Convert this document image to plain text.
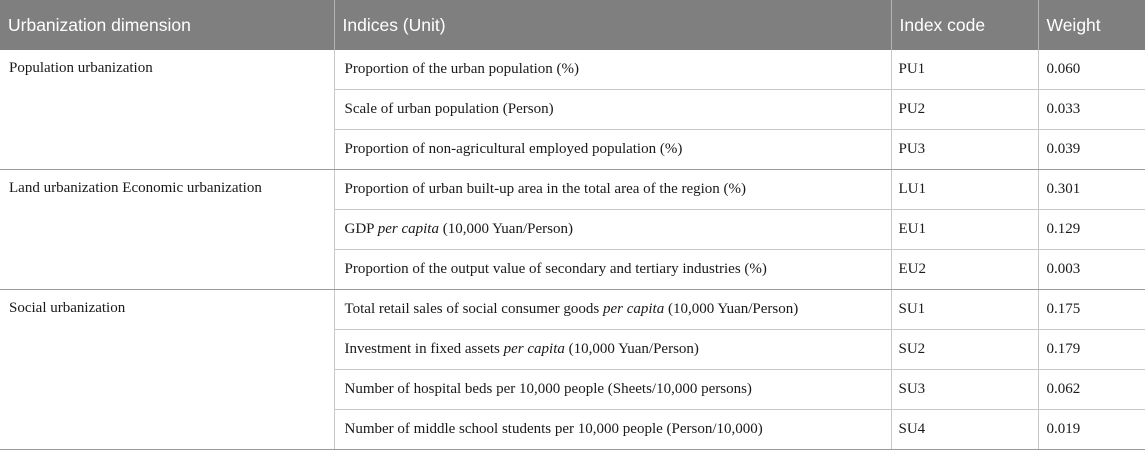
Urbanization dimension	Indices (Unit)	Index code	Weight
Population urbanization	Proportion of the urban population (%)	PU1	0.060
	Scale of urban population (Person)	PU2	0.033
	Proportion of non-agricultural employed population (%)	PU3	0.039
Land urbanization Economic urbanization	Proportion of urban built-up area in the total area of the region (%)	LU1	0.301
	GDP per capita (10,000 Yuan/Person)	EU1	0.129
	Proportion of the output value of secondary and tertiary industries (%)	EU2	0.003
Social urbanization	Total retail sales of social consumer goods per capita (10,000 Yuan/Person)	SU1	0.175
	Investment in fixed assets per capita (10,000 Yuan/Person)	SU2	0.179
	Number of hospital beds per 10,000 people (Sheets/10,000 persons)	SU3	0.062
	Number of middle school students per 10,000 people (Person/10,000)	SU4	0.019
